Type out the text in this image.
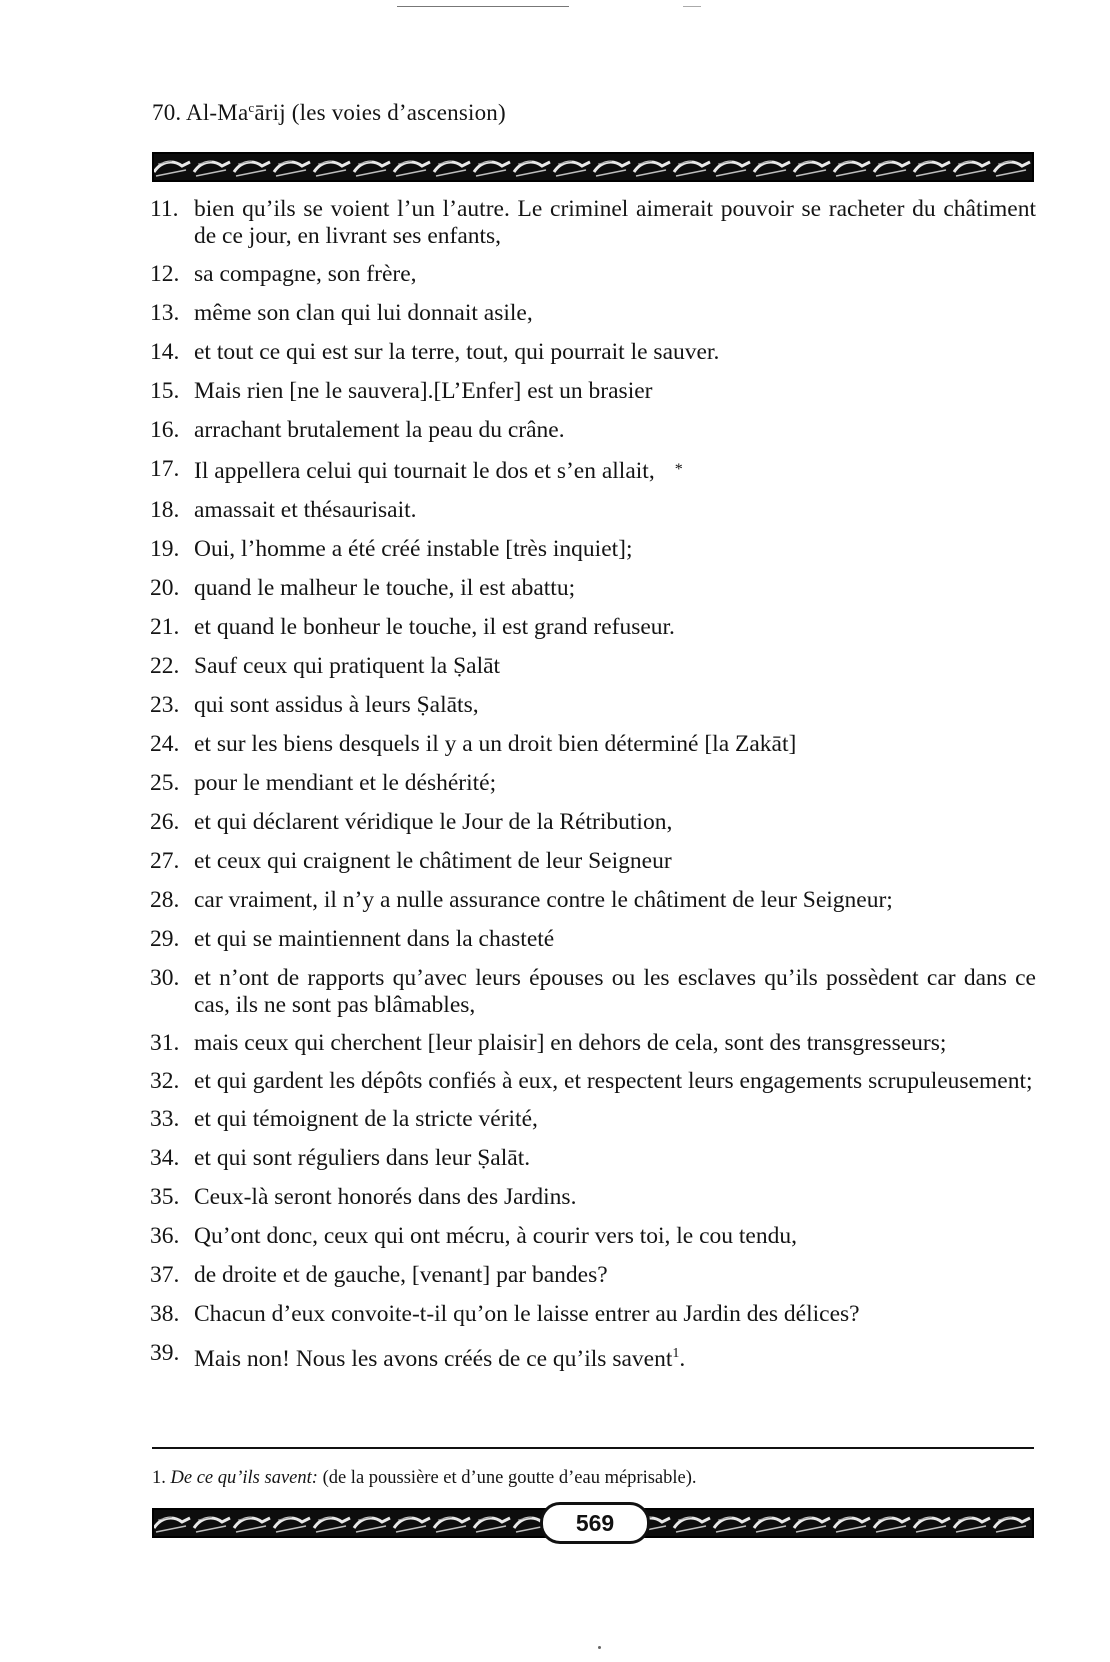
70. Al-Ma$^c$ārij (les voies d’ascension)
11. bien qu’ils se voient l’un l’autre. Le criminel aimerait pouvoir se racheter du châtiment de ce jour, en livrant ses enfants,
12. sa compagne, son frère,
13. même son clan qui lui donnait asile,
14. et tout ce qui est sur la terre, tout, qui pourrait le sauver.
15. Mais rien [ne le sauvera].[L’Enfer] est un brasier
16. arrachant brutalement la peau du crâne.
17. Il appellera celui qui tournait le dos et s’en allait, *
18. amassait et thésaurisait.
19. Oui, l’homme a été créé instable [très inquiet];
20. quand le malheur le touche, il est abattu;
21. et quand le bonheur le touche, il est grand refuseur.
22. Sauf ceux qui pratiquent la Ṣalāt
23. qui sont assidus à leurs Ṣalāts,
24. et sur les biens desquels il y a un droit bien déterminé [la Zakāt]
25. pour le mendiant et le déshérité;
26. et qui déclarent véridique le Jour de la Rétribution,
27. et ceux qui craignent le châtiment de leur Seigneur
28. car vraiment, il n’y a nulle assurance contre le châtiment de leur Seigneur;
29. et qui se maintiennent dans la chasteté
30. et n’ont de rapports qu’avec leurs épouses ou les esclaves qu’ils possèdent car dans ce cas, ils ne sont pas blâmables,
31. mais ceux qui cherchent [leur plaisir] en dehors de cela, sont des transgresseurs;
32. et qui gardent les dépôts confiés à eux, et respectent leurs engagements scrupuleusement;
33. et qui témoignent de la stricte vérité,
34. et qui sont réguliers dans leur Ṣalāt.
35. Ceux-là seront honorés dans des Jardins.
36. Qu’ont donc, ceux qui ont mécru, à courir vers toi, le cou tendu,
37. de droite et de gauche, [venant] par bandes?
38. Chacun d’eux convoite-t-il qu’on le laisse entrer au Jardin des délices?
39. Mais non! Nous les avons créés de ce qu’ils savent$^1$.
1. De ce qu’ils savent: (de la poussière et d’une goutte d’eau méprisable).
569
